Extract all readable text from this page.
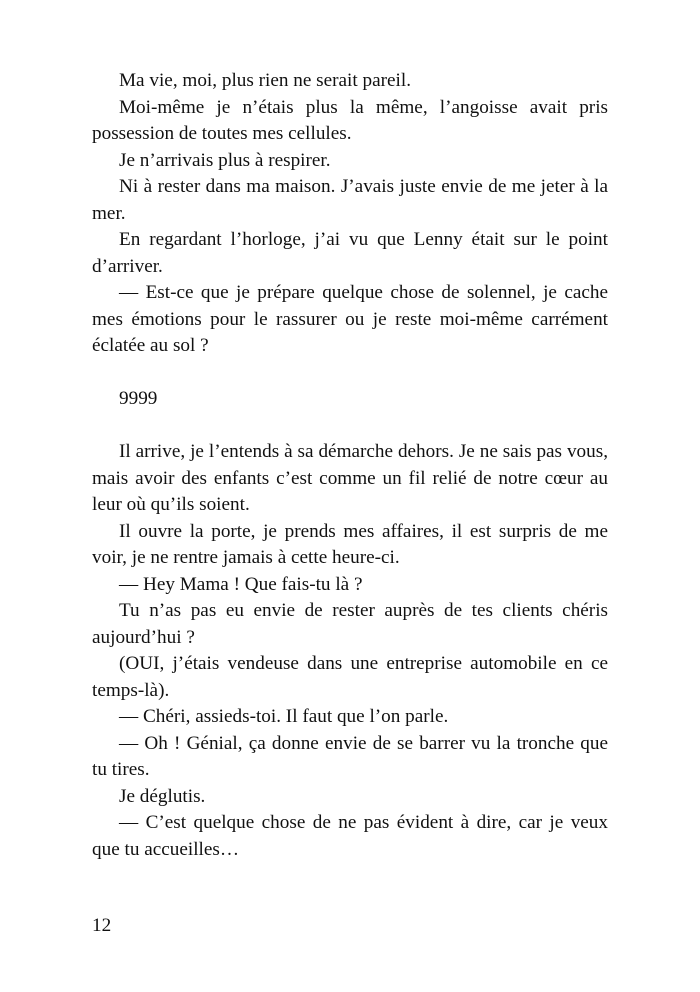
Ma vie, moi, plus rien ne serait pareil.

Moi-même je n’étais plus la même, l’angoisse avait pris possession de toutes mes cellules.

Je n’arrivais plus à respirer.

Ni à rester dans ma maison. J’avais juste envie de me jeter à la mer.

En regardant l’horloge, j’ai vu que Lenny était sur le point d’arriver.

— Est-ce que je prépare quelque chose de solennel, je cache mes émotions pour le rassurer ou je reste moi-même carrément éclatée au sol ?

9999

Il arrive, je l’entends à sa démarche dehors. Je ne sais pas vous, mais avoir des enfants c’est comme un fil relié de notre cœur au leur où qu’ils soient.

Il ouvre la porte, je prends mes affaires, il est surpris de me voir, je ne rentre jamais à cette heure-ci.

— Hey Mama ! Que fais-tu là ?

Tu n’as pas eu envie de rester auprès de tes clients chéris aujourd’hui ?

(OUI, j’étais vendeuse dans une entreprise automobile en ce temps-là).

— Chéri, assieds-toi. Il faut que l’on parle.

— Oh ! Génial, ça donne envie de se barrer vu la tronche que tu tires.

Je déglutis.

— C’est quelque chose de ne pas évident à dire, car je veux que tu accueilles…

12
